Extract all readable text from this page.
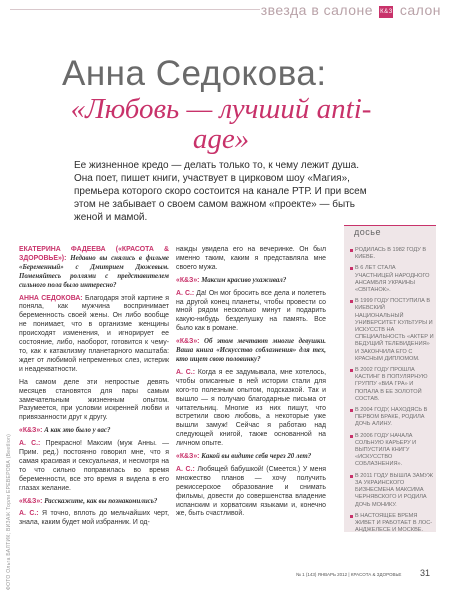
звезда в салоне К&З салон
Анна Седокова:
«Любовь — лучший anti-age»
Ее жизненное кредо — делать только то, к чему лежит душа. Она поет, пишет книги, участвует в цирковом шоу «Магия», премьера которого скоро состоится на канале РТР. И при всем этом не забывает о своем самом важном «проекте» — быть женой и мамой.
ФОТО Ольга БАЛТИК; ВИЗАЖ Торли ЕРЕВЕРОВА (Beetlion)

ЕКАТЕРИНА ФАДЕЕВА («КРАСОТА & ЗДОРОВЬЕ»): Недавно вы снялись в фильме «Беременный» с Дмитрием Дюжевым. Поменяйтесь роллями с представителем сильного пола было интересно?

АННА СЕДОКОВА: Благодаря этой картине я поняла, как мужчина воспринимает беременность своей жены. Он либо вообще не понимает, что в организме женщины происходят изменения, и игнорирует ее состояние, либо, наоборот, готовится к чему-то, как к катаклизму планетарного масштаба: ждет от любимой непременных слез, истерик и неадекватности.

На самом деле эти непростые девять месяцев становятся для пары самым замечательным жизненным опытом. Разумеется, при условии искренней любви и привязанности друг к другу.

«К&З»: А как это было у вас?

А. С.: Прекрасно! Максим (муж Анны. — Прим. ред.) постоянно говорил мне, что я самая красивая и сексуальная, и несмотря на то что сильно поправилась во время беременности, все это время я видела в его глазах желание.

«К&З»: Расскажите, как вы познакомились?

А. С.: Я точно, вплоть до мельчайших черт, знала, каким будет мой избранник. И од-

нажды увидела его на вечеринке. Он был именно таким, каким я представляла мне своего мужа.

«К&З»: Максим красиво ухаживал?

А. С.: Да! Он мог бросить все дела и полететь на другой конец планеты, чтобы провести со мной рядом несколько минут и подарить какую-нибудь безделушку на память. Все было как в романе.

«К&З»: Об этом мечтают многие девушки. Ваша книга «Искусство соблазнения» для тех, кто ищет свою половинку?

А. С.: Когда я ее задумывала, мне хотелось, чтобы описанные в ней истории стали для кого-то полезным опытом, подсказкой. Так и вышло — я получаю благодарные письма от читательниц. Многие из них пишут, что встретили свою любовь, а некоторые уже вышли замуж! Сейчас я работаю над следующей книгой, также основанной на личном опыте.

«К&З»: Какой вы видите себя через 20 лет?

А. С.: Любящей бабушкой! (Смеется.) У меня множество планов — хочу получить режиссерское образование и снимать фильмы, довести до совершенства владение испанским и хорватским языками и, конечно же, быть счастливой.

досье
РОДИЛАСЬ В 1982 ГОДУ В КИЕВЕ.
В 6 ЛЕТ СТАЛА УЧАСТНИЦЕЙ НАРОДНОГО АНСАМБЛЯ УКРАИНЫ «СВІТАНОК».
В 1999 ГОДУ ПОСТУПИЛА В КИЕВСКИЙ НАЦИОНАЛЬНЫЙ УНИВЕРСИТЕТ КУЛЬТУРЫ И ИСКУССТВ НА СПЕЦИАЛЬНОСТЬ «АКТЕР И ВЕДУЩИЙ ТЕЛЕВИДЕНИЯ» И ЗАКОНЧИЛА ЕГО С КРАСНЫМ ДИПЛОМОМ.
В 2002 ГОДУ ПРОШЛА КАСТИНГ В ПОПУЛЯРНУЮ ГРУППУ «ВИА ГРА» И ПОПАЛА В ЕЕ ЗОЛОТОЙ СОСТАВ.
В 2004 ГОДУ, НАХОДЯСЬ В ПЕРВОМ БРАКЕ, РОДИЛА ДОЧЬ АЛИНУ.
В 2006 ГОДУ НАЧАЛА СОЛЬНУЮ КАРЬЕРУ И ВЫПУСТИЛА КНИГУ «ИСКУССТВО СОБЛАЗНЕНИЯ».
В 2011 ГОДУ ВЫШЛА ЗАМУЖ ЗА УКРАИНСКОГО БИЗНЕСМЕНА МАКСИМА ЧЕРНЯВСКОГО И РОДИЛА ДОЧЬ МОНИКУ.
В НАСТОЯЩЕЕ ВРЕМЯ ЖИВЕТ И РАБОТАЕТ В ЛОС-АНДЖЕЛЕСЕ И МОСКВЕ.
№ 1 (143) ЯНВАРЬ 2012 | КРАСОТА & ЗДОРОВЬЕ 31
